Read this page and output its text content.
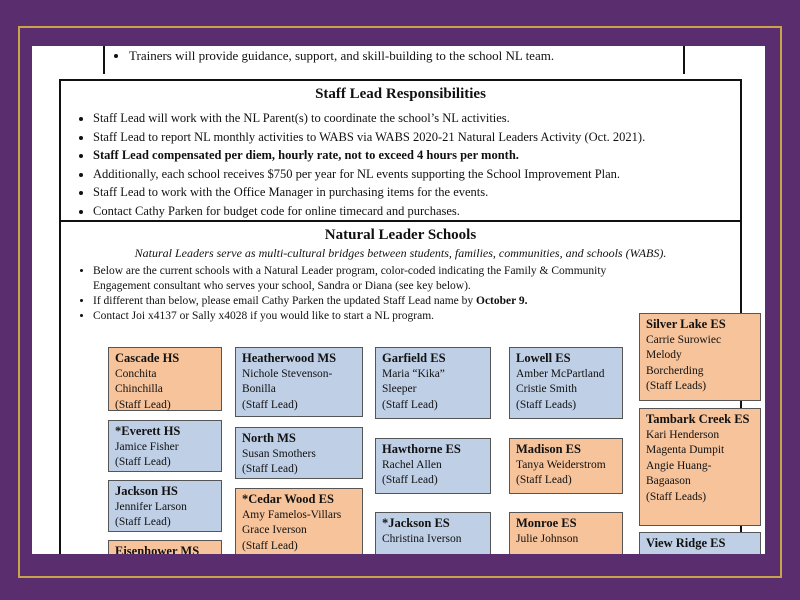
• Trainers will provide guidance, support, and skill-building to the school NL team.
Staff Lead Responsibilities
• Staff Lead will work with the NL Parent(s) to coordinate the school’s NL activities.
• Staff Lead to report NL monthly activities to WABS via WABS 2020-21 Natural Leaders Activity (Oct. 2021).
• Staff Lead compensated per diem, hourly rate, not to exceed 4 hours per month.
• Additionally, each school receives $750 per year for NL events supporting the School Improvement Plan.
• Staff Lead to work with the Office Manager in purchasing items for the events.
• Contact Cathy Parken for budget code for online timecard and purchases.
Natural Leader Schools
Natural Leaders serve as multi-cultural bridges between students, families, communities, and schools (WABS).
• Below are the current schools with a Natural Leader program, color-coded indicating the Family & Community Engagement consultant who serves your school, Sandra or Diana (see key below).
• If different than below, please email Cathy Parken the updated Staff Lead name by October 9.
• Contact Joi x4137 or Sally x4028 if you would like to start a NL program.
Cascade HS
Conchita
Chinchilla
(Staff Lead)
*Everett HS
Jamice Fisher
(Staff Lead)
Jackson HS
Jennifer Larson
(Staff Lead)
Eisenhower MS
Heatherwood MS
Nichole Stevenson-
Bonilla
(Staff Lead)
North MS
Susan Smothers
(Staff Lead)
*Cedar Wood ES
Amy Famelos-Villars
Grace Iverson
(Staff Lead)
Garfield ES
Maria “Kika”
Sleeper
(Staff Lead)
Hawthorne ES
Rachel Allen
(Staff Lead)
*Jackson ES
Christina Iverson
Lowell ES
Amber McPartland
Cristie Smith
(Staff Leads)
Madison ES
Tanya Weiderstrom
(Staff Lead)
Monroe ES
Julie Johnson
Silver Lake ES
Carrie Surowiec
Melody
Borcherding
(Staff Leads)
Tambark Creek ES
Kari Henderson
Magenta Dumpit
Angie Huang-
Bagaason
(Staff Leads)
View Ridge ES
